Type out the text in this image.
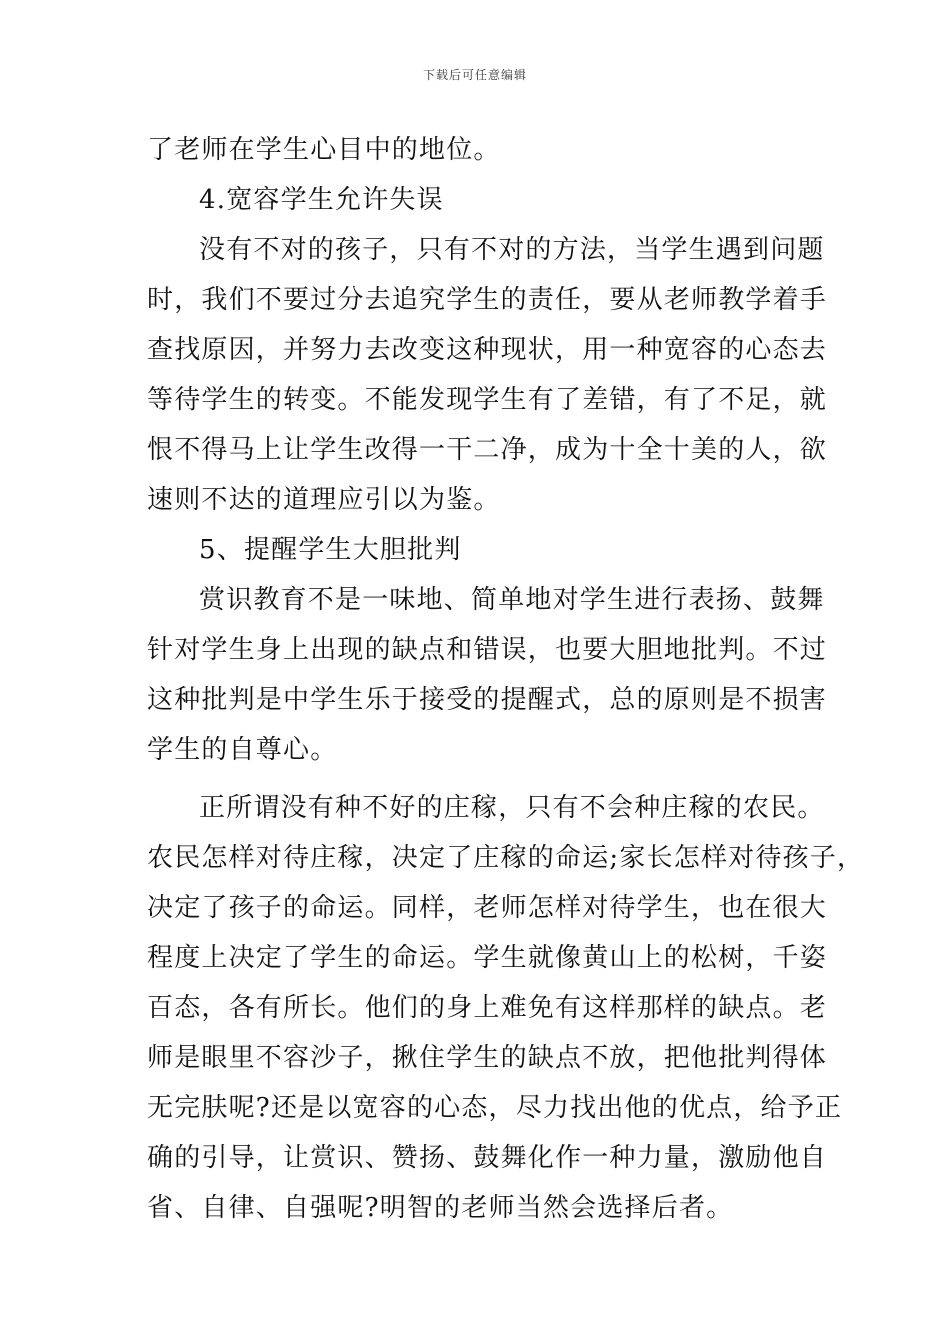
下载后可任意编辑
了老师在学生心目中的地位。
4.宽容学生允许失误
没有不对的孩子，只有不对的方法，当学生遇到问题
时，我们不要过分去追究学生的责任，要从老师教学着手
查找原因，并努力去改变这种现状，用一种宽容的心态去
等待学生的转变。不能发现学生有了差错，有了不足，就
恨不得马上让学生改得一干二净，成为十全十美的人，欲
速则不达的道理应引以为鉴。
5、提醒学生大胆批判
赏识教育不是一味地、简单地对学生进行表扬、鼓舞
针对学生身上出现的缺点和错误，也要大胆地批判。不过
这种批判是中学生乐于接受的提醒式，总的原则是不损害
学生的自尊心。
正所谓没有种不好的庄稼，只有不会种庄稼的农民。
农民怎样对待庄稼，决定了庄稼的命运;家长怎样对待孩子，
决定了孩子的命运。同样，老师怎样对待学生，也在很大
程度上决定了学生的命运。学生就像黄山上的松树，千姿
百态，各有所长。他们的身上难免有这样那样的缺点。老
师是眼里不容沙子，揪住学生的缺点不放，把他批判得体
无完肤呢?还是以宽容的心态，尽力找出他的优点，给予正
确的引导，让赏识、赞扬、鼓舞化作一种力量，激励他自
省、自律、自强呢?明智的老师当然会选择后者。
